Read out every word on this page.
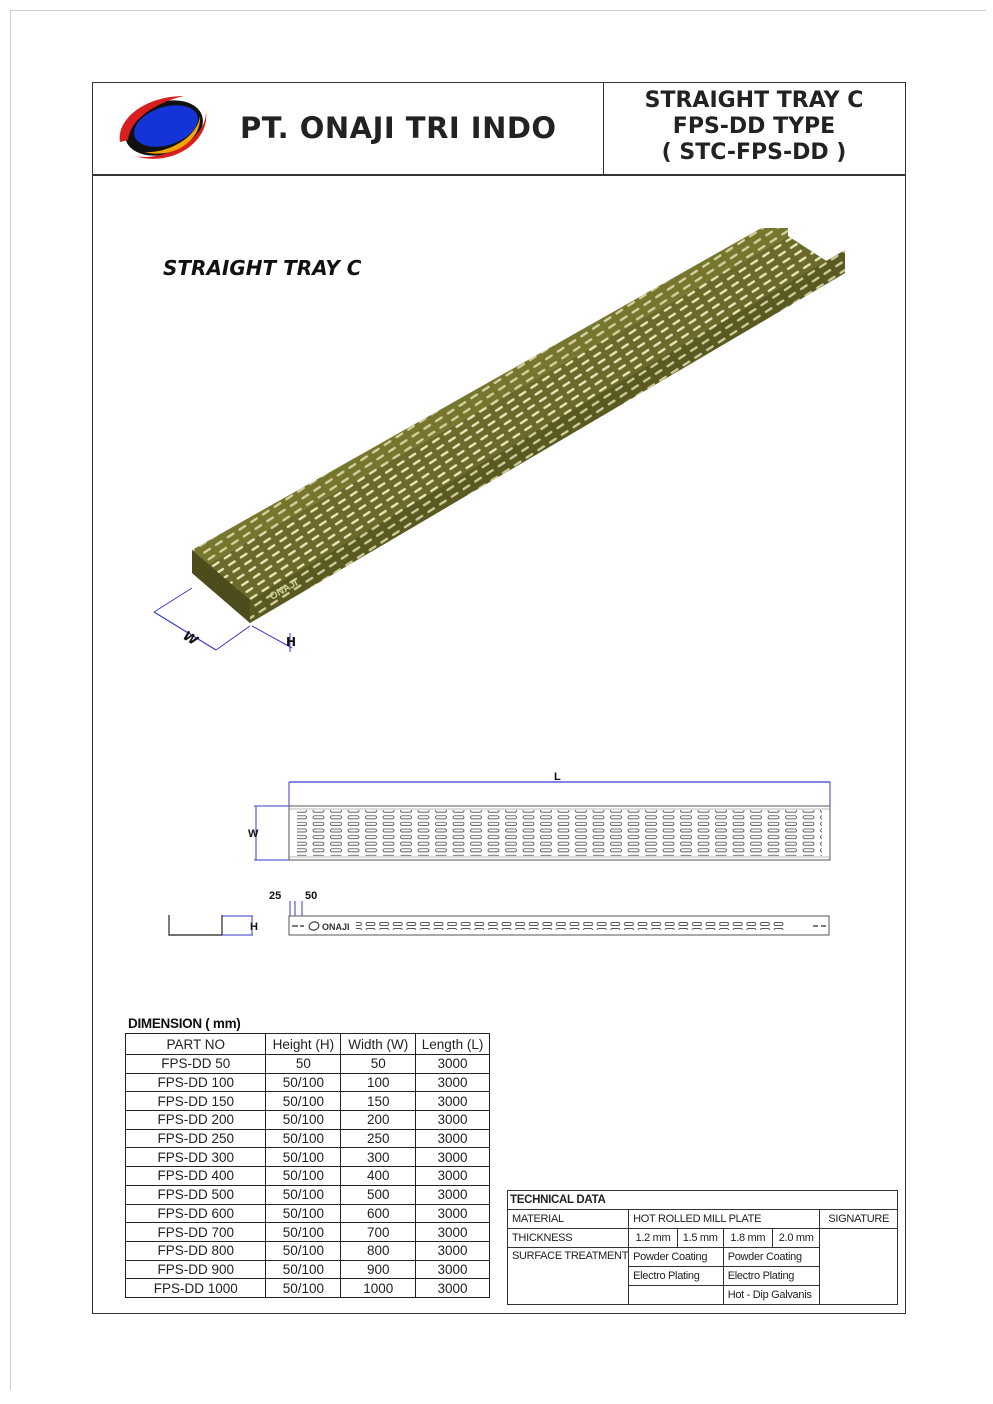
PT. ONAJI TRI INDO
STRAIGHT TRAY C
FPS-DD TYPE
( STC-FPS-DD )
STRAIGHT TRAY C
ONAJI
W	H
L
W
H
25 50
ONAJI
DIMENSION ( mm)
PART NO	Height (H)	Width (W)	Length (L)
FPS-DD 50	50	50	3000
FPS-DD 100	50/100	100	3000
FPS-DD 150	50/100	150	3000
FPS-DD 200	50/100	200	3000
FPS-DD 250	50/100	250	3000
FPS-DD 300	50/100	300	3000
FPS-DD 400	50/100	400	3000
FPS-DD 500	50/100	500	3000
FPS-DD 600	50/100	600	3000
FPS-DD 700	50/100	700	3000
FPS-DD 800	50/100	800	3000
FPS-DD 900	50/100	900	3000
FPS-DD 1000	50/100	1000	3000
TECHNICAL DATA					
MATERIAL	HOT ROLLED MILL PLATE				SIGNATURE
THICKNESS	1.2 mm	1.5 mm	1.8 mm	2.0 mm	
SURFACE TREATMENT	Powder Coating		Powder Coating		
	Electro Plating		Electro Plating		
			Hot - Dip Galvanis		
